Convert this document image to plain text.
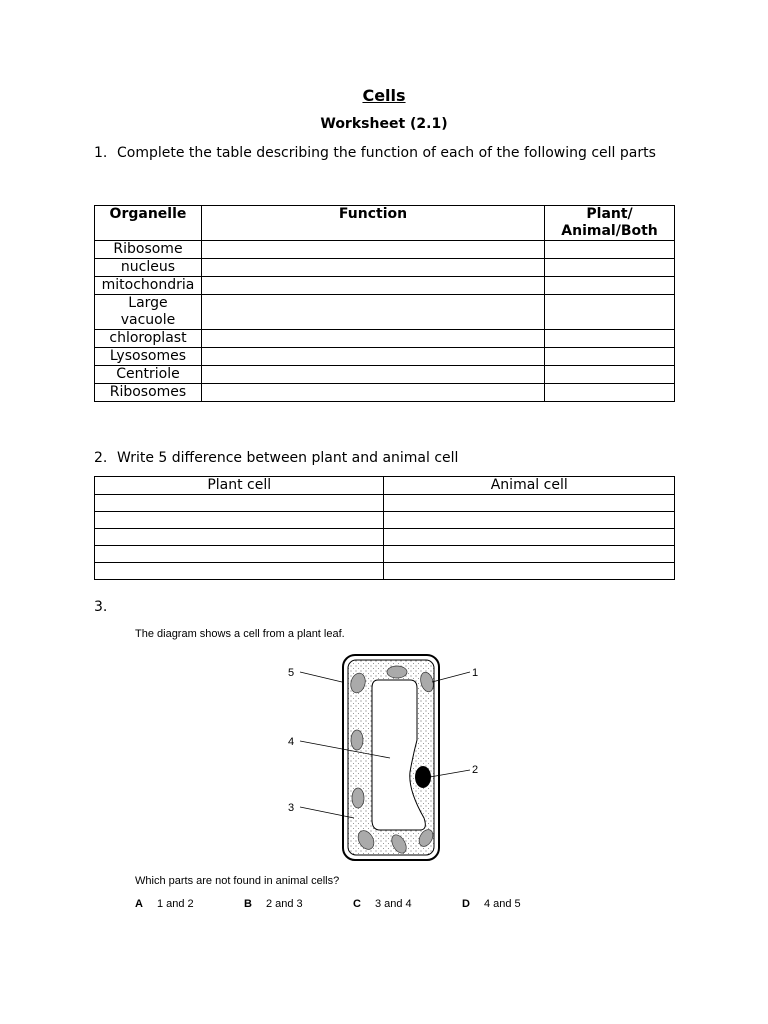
Cells
Worksheet (2.1)
1. Complete the table describing the function of each of the following cell parts
Organelle	Function	Plant/ Animal/Both
Ribosome		
nucleus		
mitochondria		
Large vacuole		
chloroplast		
Lysosomes		
Centriole		
Ribosomes		
2. Write 5 difference between plant and animal cell
Plant cell	Animal cell

3.
The diagram shows a cell from a plant leaf.
5	1
4
2
3
Which parts are not found in animal cells?
A 1 and 2	B 2 and 3	C 3 and 4	D 4 and 5
